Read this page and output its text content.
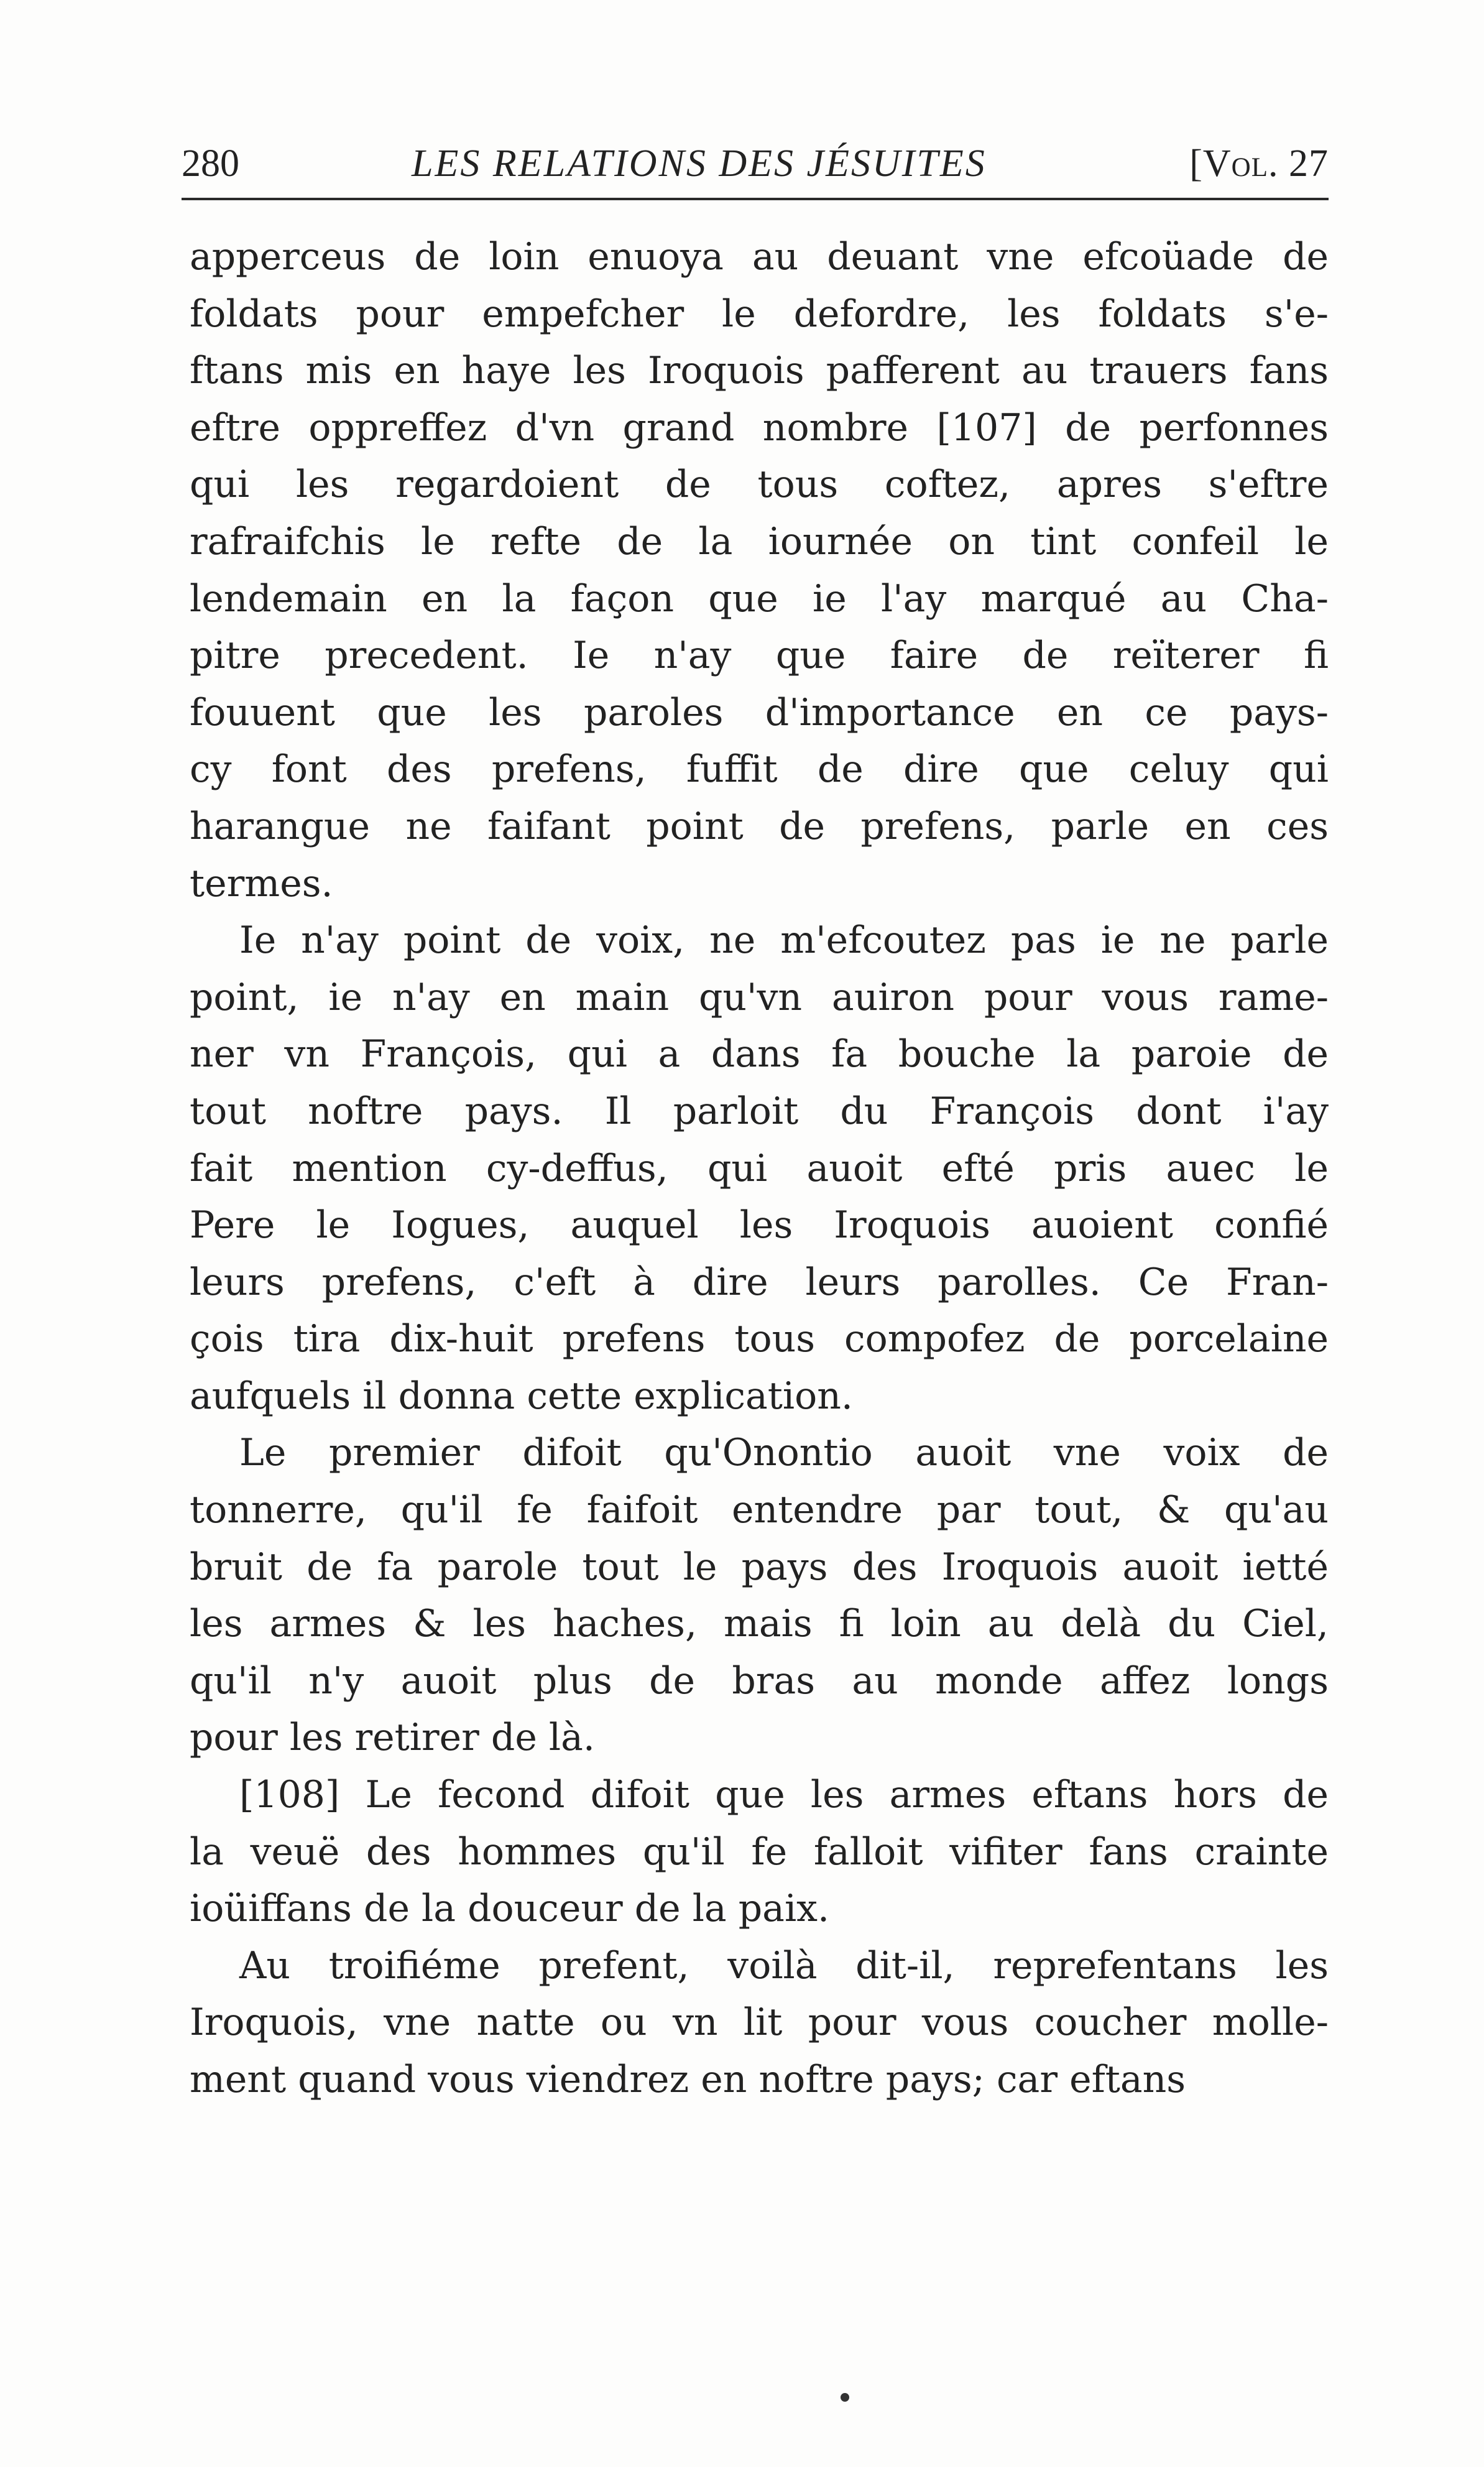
280	LES RELATIONS DES JÉSUITES	[Vol. 27
apperceus de loin enuoya au deuant vne efcoüade de
foldats pour empefcher le defordre, les foldats s'e-
ftans mis en haye les Iroquois pafferent au trauers fans
eftre oppreffez d'vn grand nombre [107] de perfonnes
qui les regardoient de tous coftez, apres s'eftre
rafraifchis le refte de la iournée on tint confeil le
lendemain en la façon que ie l'ay marqué au Cha-
pitre precedent. Ie n'ay que faire de reïterer fi
fouuent que les paroles d'importance en ce pays-
cy font des prefens, fuffit de dire que celuy qui
harangue ne faifant point de prefens, parle en ces
termes.
Ie n'ay point de voix, ne m'efcoutez pas ie ne parle
point, ie n'ay en main qu'vn auiron pour vous rame-
ner vn François, qui a dans fa bouche la paroie de
tout noftre pays. Il parloit du François dont i'ay
fait mention cy-deffus, qui auoit efté pris auec le
Pere le Iogues, auquel les Iroquois auoient confié
leurs prefens, c'eft à dire leurs parolles. Ce Fran-
çois tira dix-huit prefens tous compofez de porcelaine
aufquels il donna cette explication.
Le premier difoit qu'Onontio auoit vne voix de
tonnerre, qu'il fe faifoit entendre par tout, & qu'au
bruit de fa parole tout le pays des Iroquois auoit ietté
les armes & les haches, mais fi loin au delà du Ciel,
qu'il n'y auoit plus de bras au monde affez longs
pour les retirer de là.
[108] Le fecond difoit que les armes eftans hors de
la veuë des hommes qu'il fe falloit vifiter fans crainte
ioüiffans de la douceur de la paix.
Au troifiéme prefent, voilà dit-il, reprefentans les
Iroquois, vne natte ou vn lit pour vous coucher molle-
ment quand vous viendrez en noftre pays; car eftans
